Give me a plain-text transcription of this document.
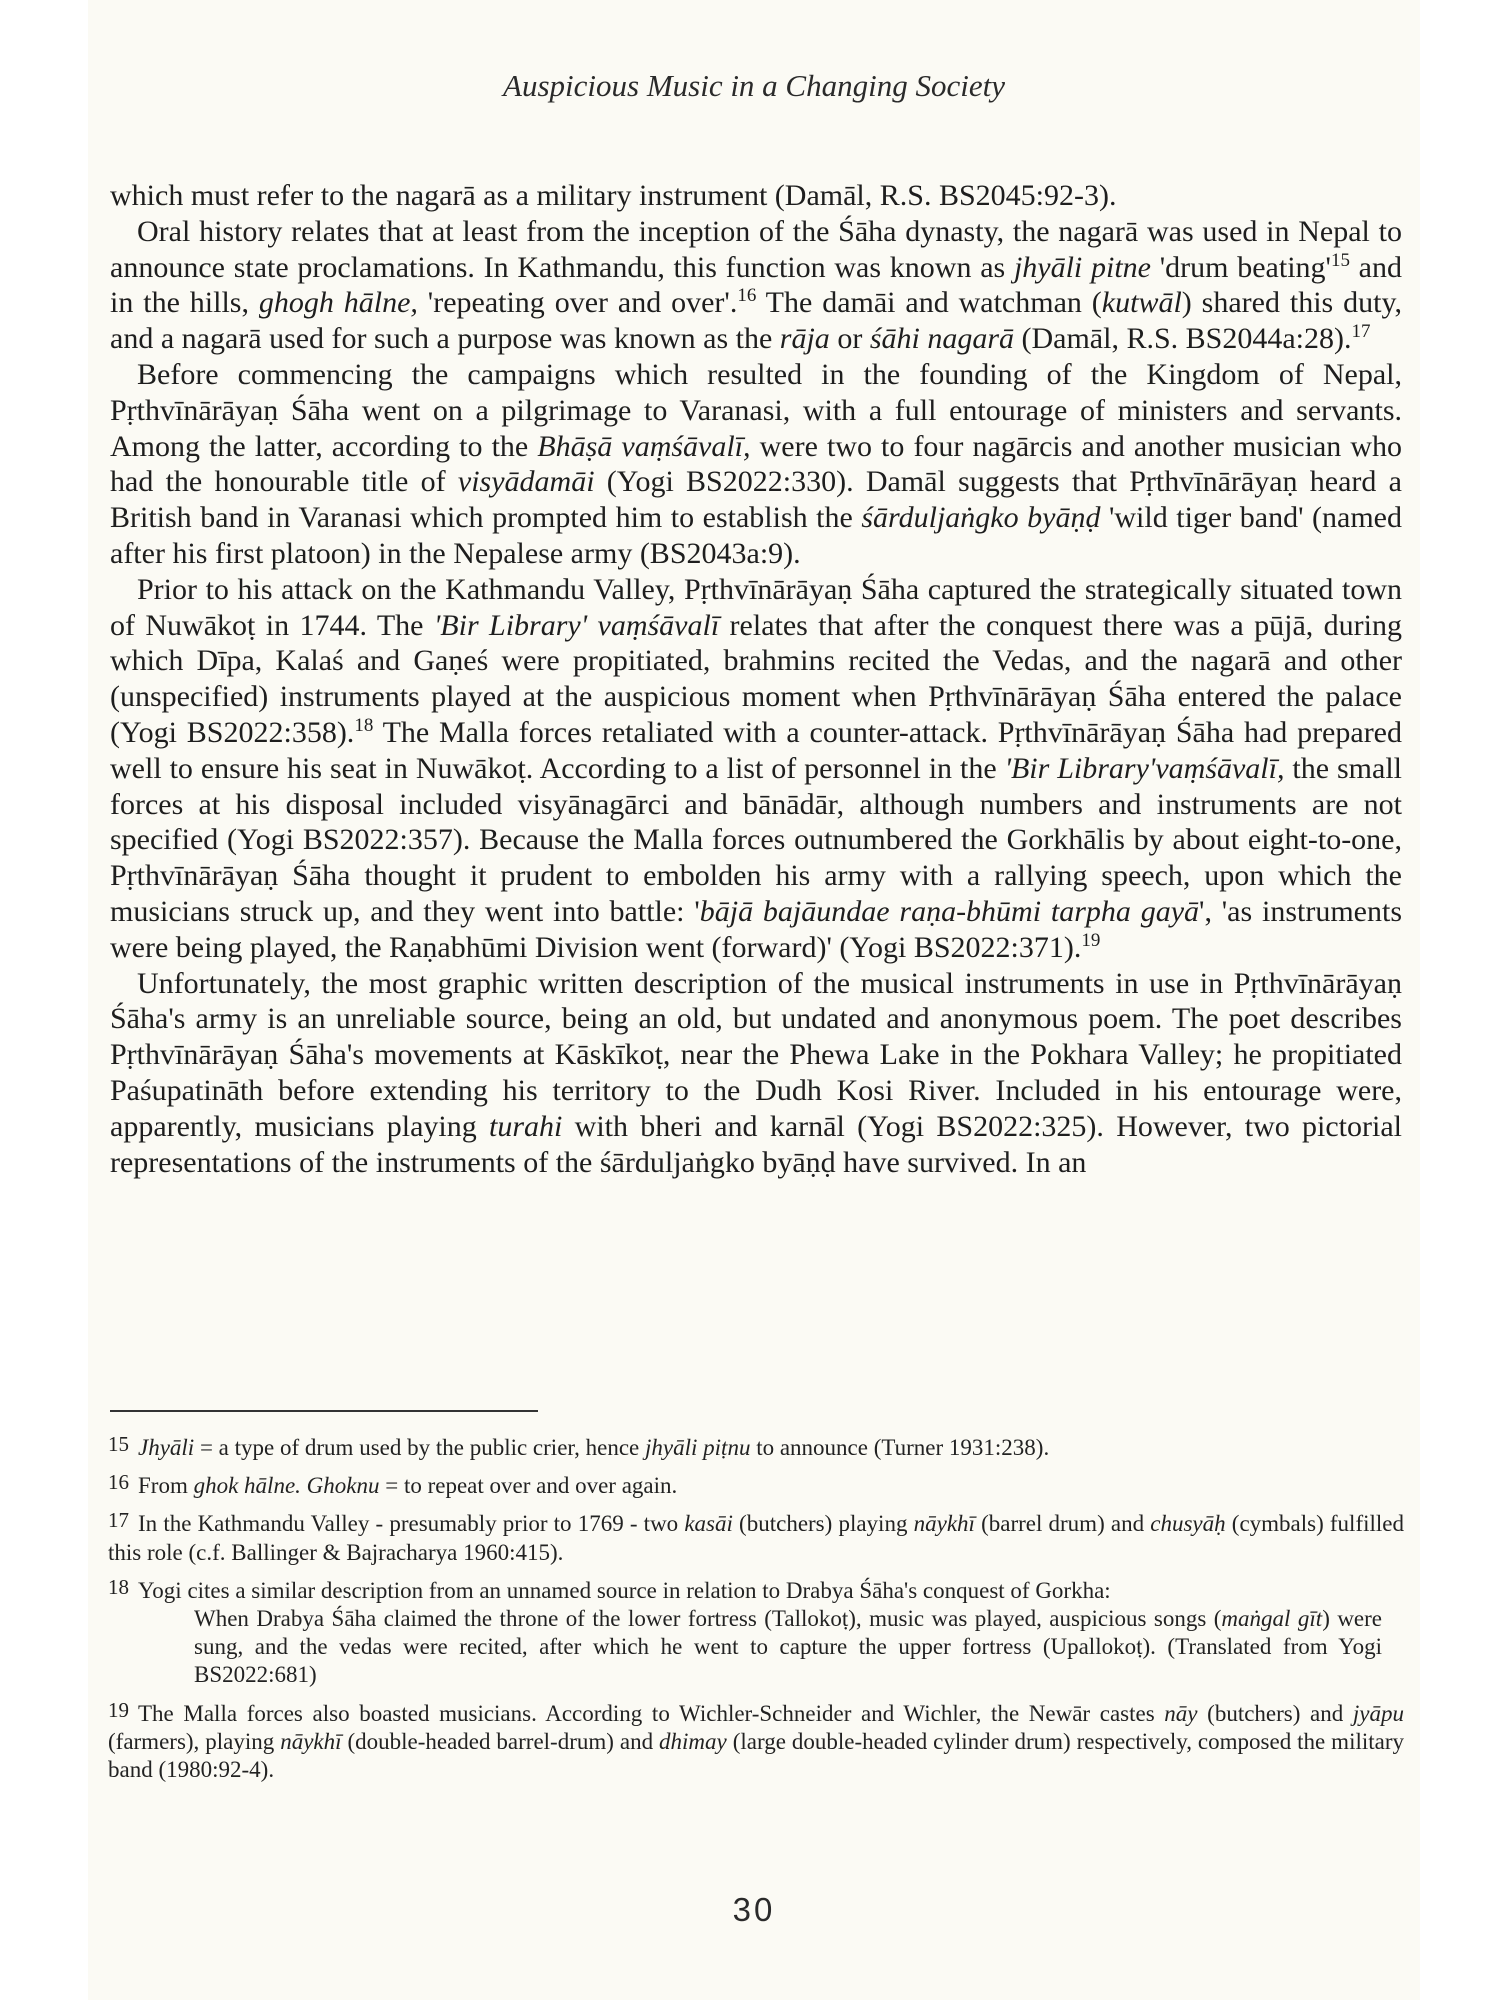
Auspicious Music in a Changing Society

which must refer to the nagarā as a military instrument (Damāl, R.S. BS2045:92-3).

Oral history relates that at least from the inception of the Śāha dynasty, the nagarā was used in Nepal to announce state proclamations. In Kathmandu, this function was known as jhyāli pitne 'drum $beating'^{15}$ and in the hills, ghogh hālne, 'repeating over and over'.$^{16}$ The damāi and watchman (kutwāl) shared this duty, and a nagarā used for such a purpose was known as the rāja or śāhi nagarā (Damāl, R.S. BS2044a:28).$^{17}$

Before commencing the campaigns which resulted in the founding of the Kingdom of Nepal, Pṛthvīnārāyaṇ Śāha went on a pilgrimage to Varanasi, with a full entourage of ministers and servants. Among the latter, according to the Bhāṣā vaṃśāvalī, were two to four nagārcis and another musician who had the honourable title of visyādamāi (Yogi BS2022:330). Damāl suggests that Pṛthvīnārāyaṇ heard a British band in Varanasi which prompted him to establish the śārduljaṅgko byāṇḍ 'wild tiger band' (named after his first platoon) in the Nepalese army (BS2043a:9).

Prior to his attack on the Kathmandu Valley, Pṛthvīnārāyaṇ Śāha captured the strategically situated town of Nuwākoṭ in 1744. The 'Bir Library' vaṃśāvalī relates that after the conquest there was a pūjā, during which Dīpa, Kalaś and Gaṇeś were propitiated, brahmins recited the Vedas, and the nagarā and other (unspecified) instruments played at the auspicious moment when Pṛthvīnārāyaṇ Śāha entered the palace (Yogi BS2022:358).$^{18}$ The Malla forces retaliated with a counter-attack. Pṛthvīnārāyaṇ Śāha had prepared well to ensure his seat in Nuwākoṭ. According to a list of personnel in the 'Bir Library'vaṃśāvalī, the small forces at his disposal included visyānagārci and bānādār, although numbers and instruments are not specified (Yogi BS2022:357). Because the Malla forces outnumbered the Gorkhālis by about eight-to-one, Pṛthvīnārāyaṇ Śāha thought it prudent to embolden his army with a rallying speech, upon which the musicians struck up, and they went into battle: 'bājā bajāundae raṇa-bhūmi tarpha gayā', 'as instruments were being played, the Raṇabhūmi Division went (forward)' (Yogi BS2022:371).$^{19}$

Unfortunately, the most graphic written description of the musical instruments in use in Pṛthvīnārāyaṇ Śāha's army is an unreliable source, being an old, but undated and anonymous poem. The poet describes Pṛthvīnārāyaṇ Śāha's movements at Kāskīkoṭ, near the Phewa Lake in the Pokhara Valley; he propitiated Paśupatināth before extending his territory to the Dudh Kosi River. Included in his entourage were, apparently, musicians playing turahi with bheri and karnāl (Yogi BS2022:325). However, two pictorial representations of the instruments of the śārduljaṅgko byāṇḍ have survived. In an

15 Jhyāli = a type of drum used by the public crier, hence jhyāli piṭnu to announce (Turner 1931:238).
16 From ghok hālne. Ghoknu = to repeat over and over again.
17 In the Kathmandu Valley - presumably prior to 1769 - two kasāi (butchers) playing nāykhī (barrel drum) and chusyāḥ (cymbals) fulfilled this role (c.f. Ballinger & Bajracharya 1960:415).
18 Yogi cites a similar description from an unnamed source in relation to Drabya Śāha's conquest of Gorkha:
When Drabya Śāha claimed the throne of the lower fortress (Tallokoṭ), music was played, auspicious songs (maṅgal gīt) were sung, and the vedas were recited, after which he went to capture the upper fortress (Upallokoṭ). (Translated from Yogi BS2022:681)
19 The Malla forces also boasted musicians. According to Wichler-Schneider and Wichler, the Newār castes nāy (butchers) and jyāpu (farmers), playing nāykhī (double-headed barrel-drum) and dhimay (large double-headed cylinder drum) respectively, composed the military band (1980:92-4).
30
